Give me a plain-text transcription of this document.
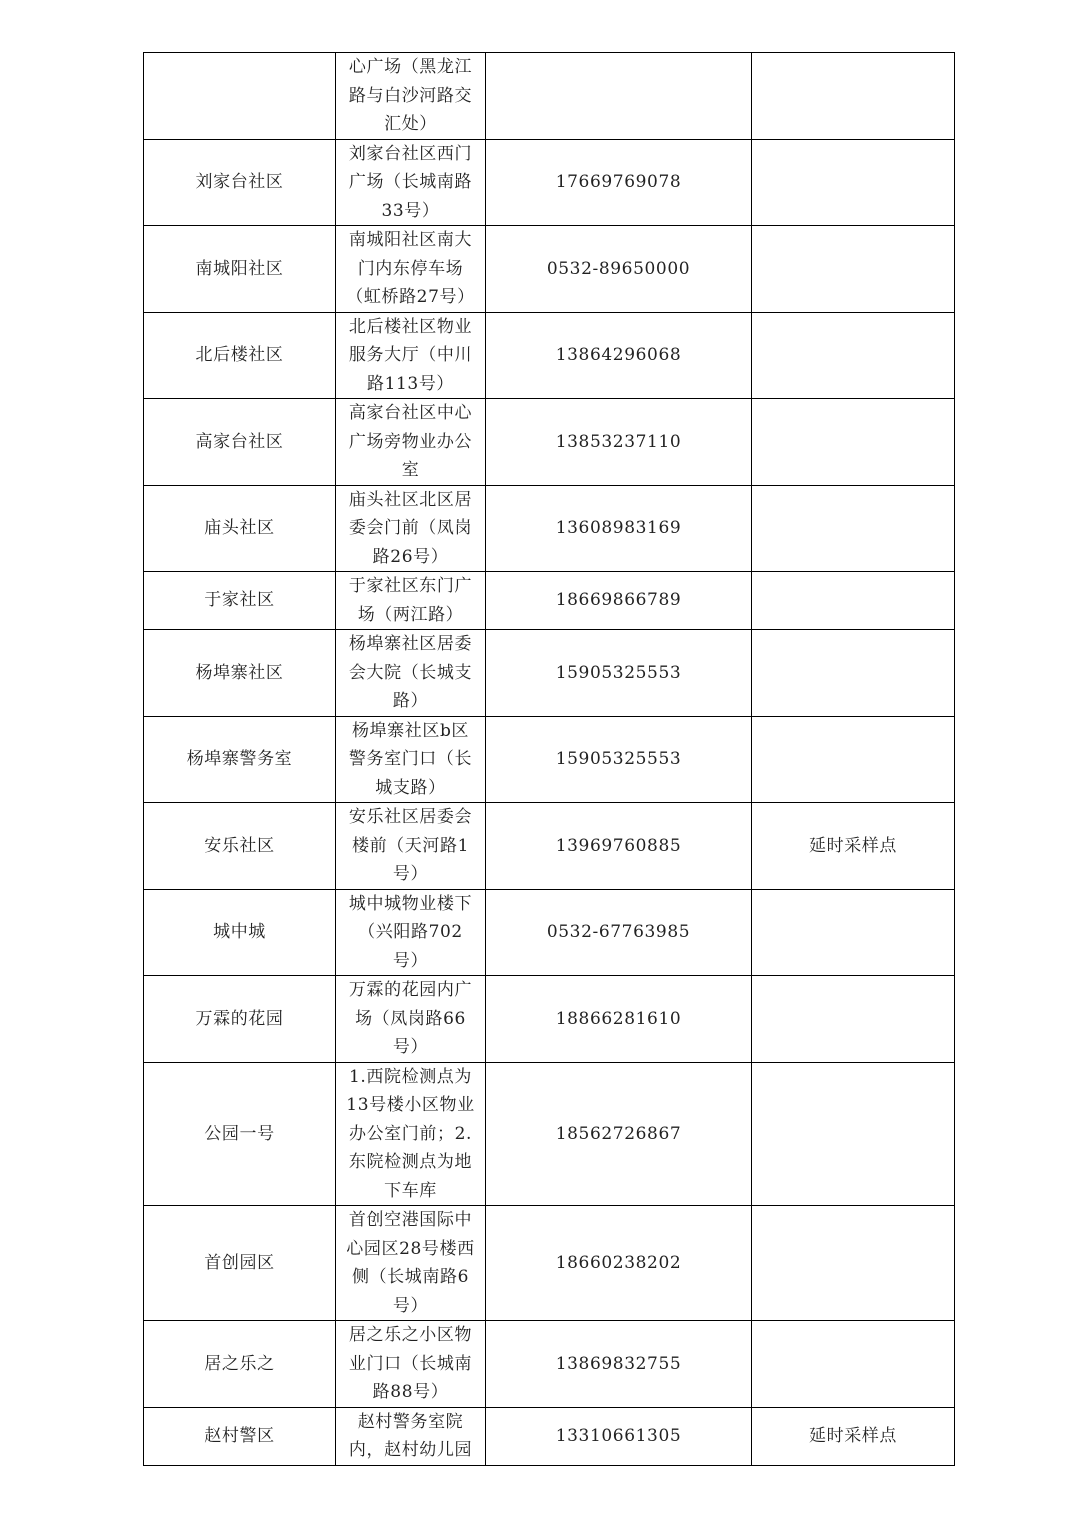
	心广场（黑龙江路与白沙河路交汇处）		

刘家台社区	刘家台社区西门广场（长城南路33号）	17669769078	
南城阳社区	南城阳社区南大门内东停车场（虹桥路27号）	0532-89650000	
北后楼社区	北后楼社区物业服务大厅（中川路113号）	13864296068	
高家台社区	高家台社区中心广场旁物业办公室	13853237110	
庙头社区	庙头社区北区居委会门前（凤岗路26号）	13608983169	
于家社区	于家社区东门广场（两江路）	18669866789	
杨埠寨社区	杨埠寨社区居委会大院（长城支路）	15905325553	
杨埠寨警务室	杨埠寨社区b区警务室门口（长城支路）	15905325553	
安乐社区	安乐社区居委会楼前（天河路1号）	13969760885	延时采样点
城中城	城中城物业楼下（兴阳路702号）	0532-67763985	
万霖的花园	万霖的花园内广场（凤岗路66号）	18866281610	
公园一号	1.西院检测点为13号楼小区物业办公室门前；2.东院检测点为地下车库	18562726867	
首创园区	首创空港国际中心园区28号楼西侧（长城南路6号）	18660238202	
居之乐之	居之乐之小区物业门口（长城南路88号）	13869832755	
赵村警区	赵村警务室院内，赵村幼儿园	13310661305	延时采样点
